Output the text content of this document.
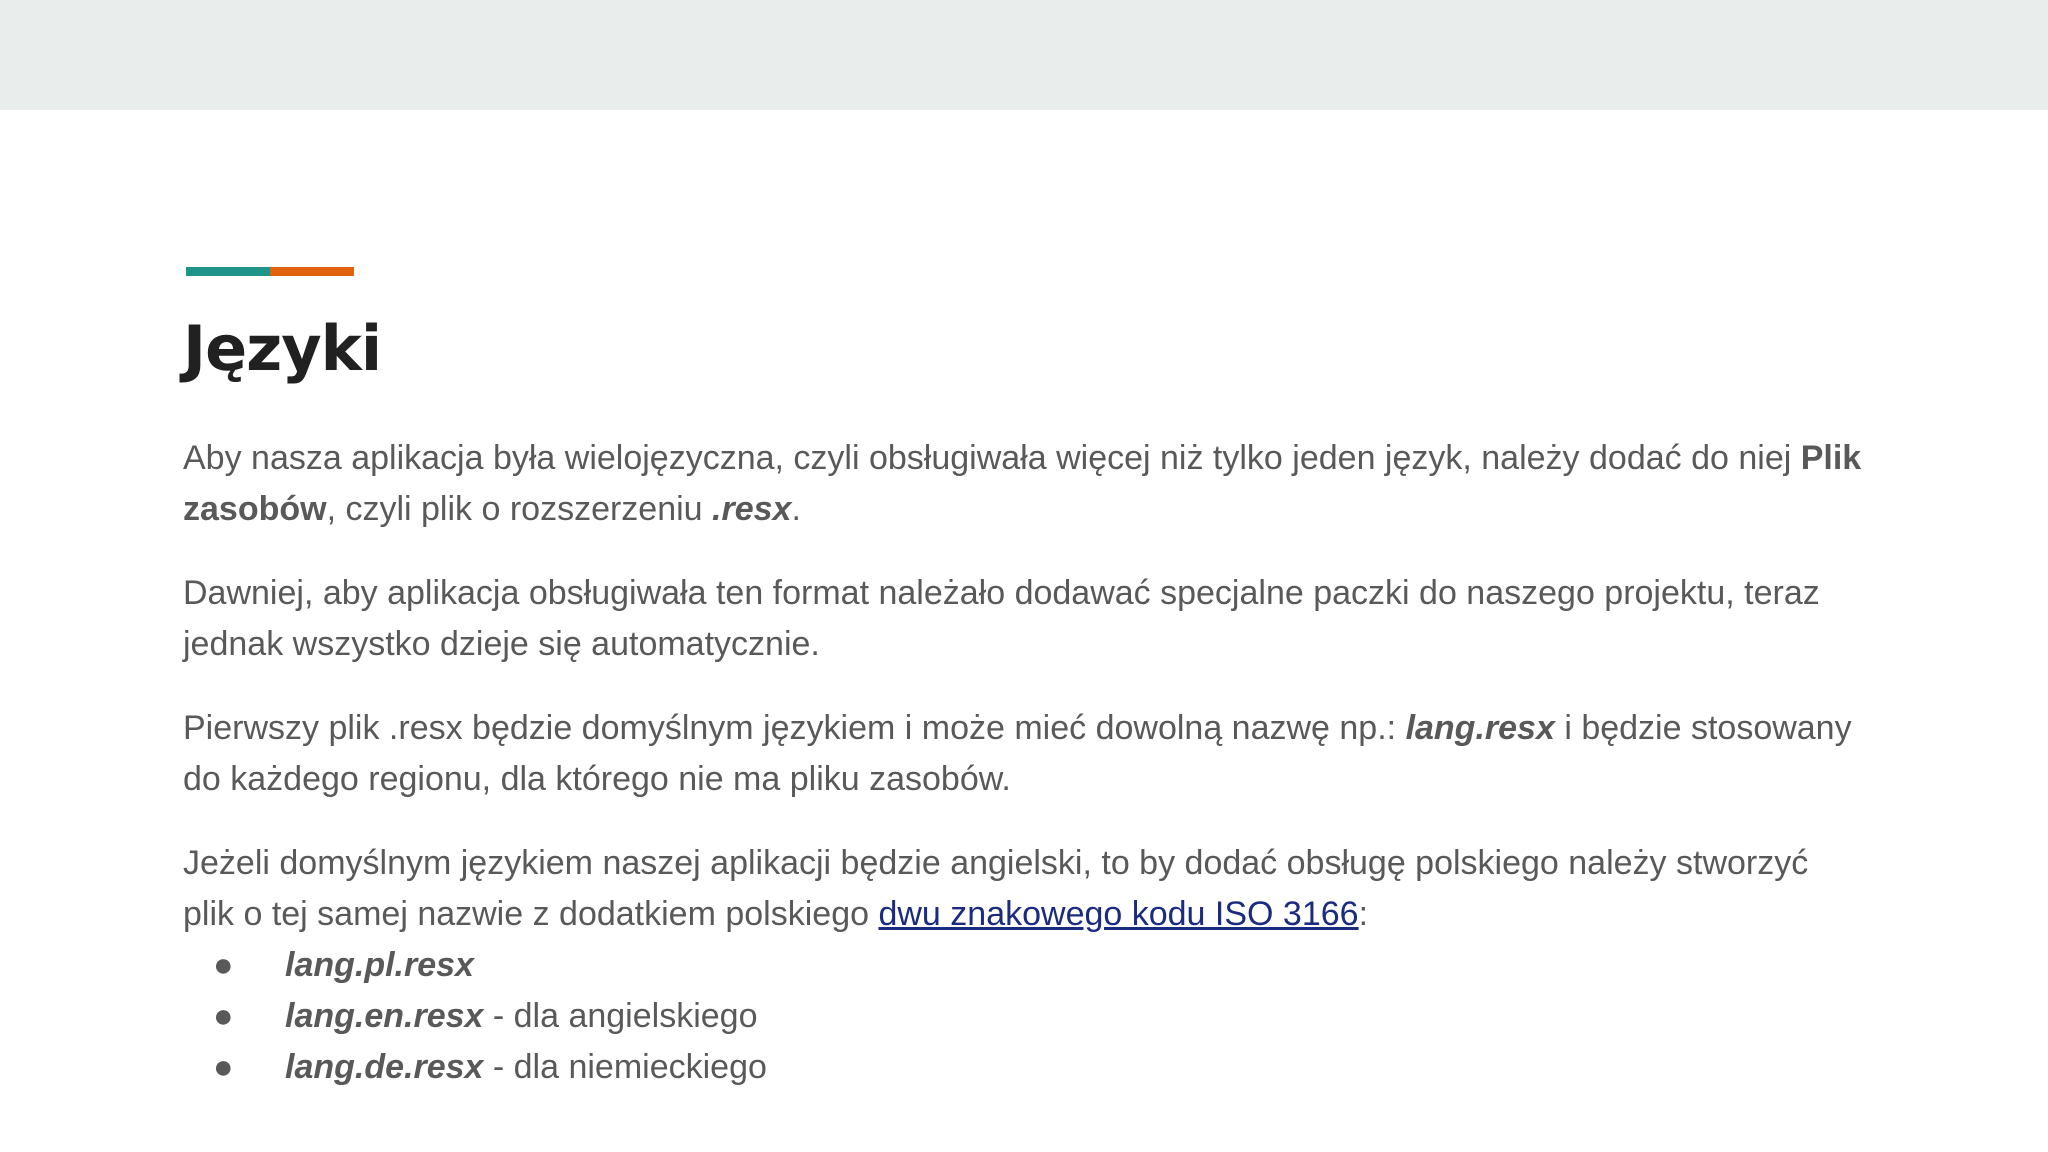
Języki

Aby nasza aplikacja była wielojęzyczna, czyli obsługiwała więcej niż tylko jeden język, należy dodać do niej Plik zasobów, czyli plik o rozszerzeniu .resx.

Dawniej, aby aplikacja obsługiwała ten format należało dodawać specjalne paczki do naszego projektu, teraz jednak wszystko dzieje się automatycznie.

Pierwszy plik .resx będzie domyślnym językiem i może mieć dowolną nazwę np.: lang.resx i będzie stosowany do każdego regionu, dla którego nie ma pliku zasobów.

Jeżeli domyślnym językiem naszej aplikacji będzie angielski, to by dodać obsługę polskiego należy stworzyć plik o tej samej nazwie z dodatkiem polskiego dwu znakowego kodu ISO 3166:

● lang.pl.resx
● lang.en.resx - dla angielskiego
● lang.de.resx - dla niemieckiego
